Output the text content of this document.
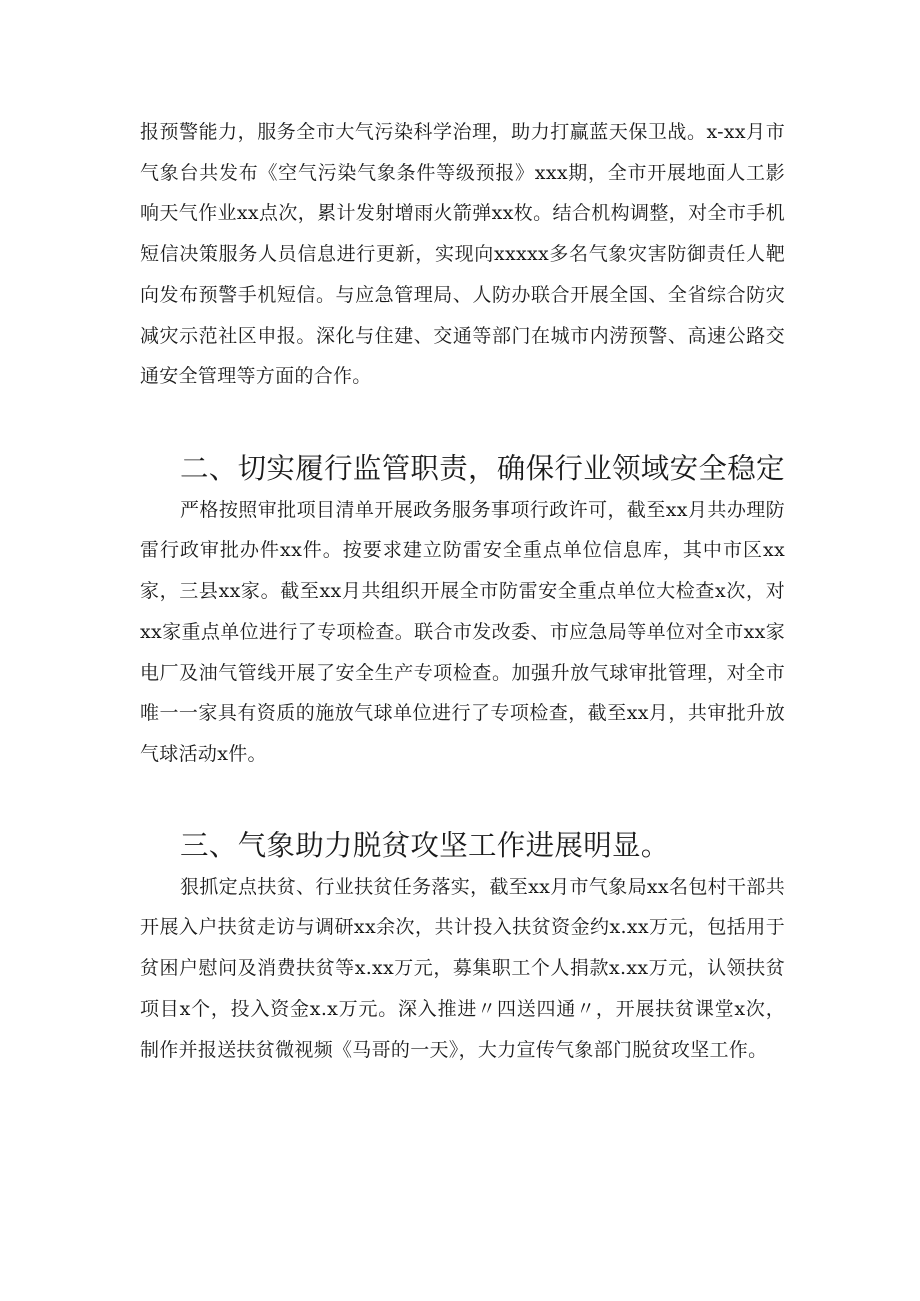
报预警能力，服务全市大气污染科学治理，助力打赢蓝天保卫战。x-xx月市气象台共发布《空气污染气象条件等级预报》xxx期，全市开展地面人工影响天气作业xx点次，累计发射增雨火箭弹xx枚。结合机构调整，对全市手机短信决策服务人员信息进行更新，实现向xxxxx多名气象灾害防御责任人靶向发布预警手机短信。与应急管理局、人防办联合开展全国、全省综合防灾减灾示范社区申报。深化与住建、交通等部门在城市内涝预警、高速公路交通安全管理等方面的合作。

二、切实履行监管职责，确保行业领域安全稳定

严格按照审批项目清单开展政务服务事项行政许可，截至xx月共办理防雷行政审批办件xx件。按要求建立防雷安全重点单位信息库，其中市区xx家，三县xx家。截至xx月共组织开展全市防雷安全重点单位大检查x次，对xx家重点单位进行了专项检查。联合市发改委、市应急局等单位对全市xx家电厂及油气管线开展了安全生产专项检查。加强升放气球审批管理，对全市唯一一家具有资质的施放气球单位进行了专项检查，截至xx月，共审批升放气球活动x件。

三、气象助力脱贫攻坚工作进展明显。

狠抓定点扶贫、行业扶贫任务落实，截至xx月市气象局xx名包村干部共开展入户扶贫走访与调研xx余次，共计投入扶贫资金约x.xx万元，包括用于贫困户慰问及消费扶贫等x.xx万元，募集职工个人捐款x.xx万元，认领扶贫项目x个，投入资金x.x万元。深入推进〃四送四通〃，开展扶贫课堂x次，制作并报送扶贫微视频《马哥的一天》，大力宣传气象部门脱贫攻坚工作。
